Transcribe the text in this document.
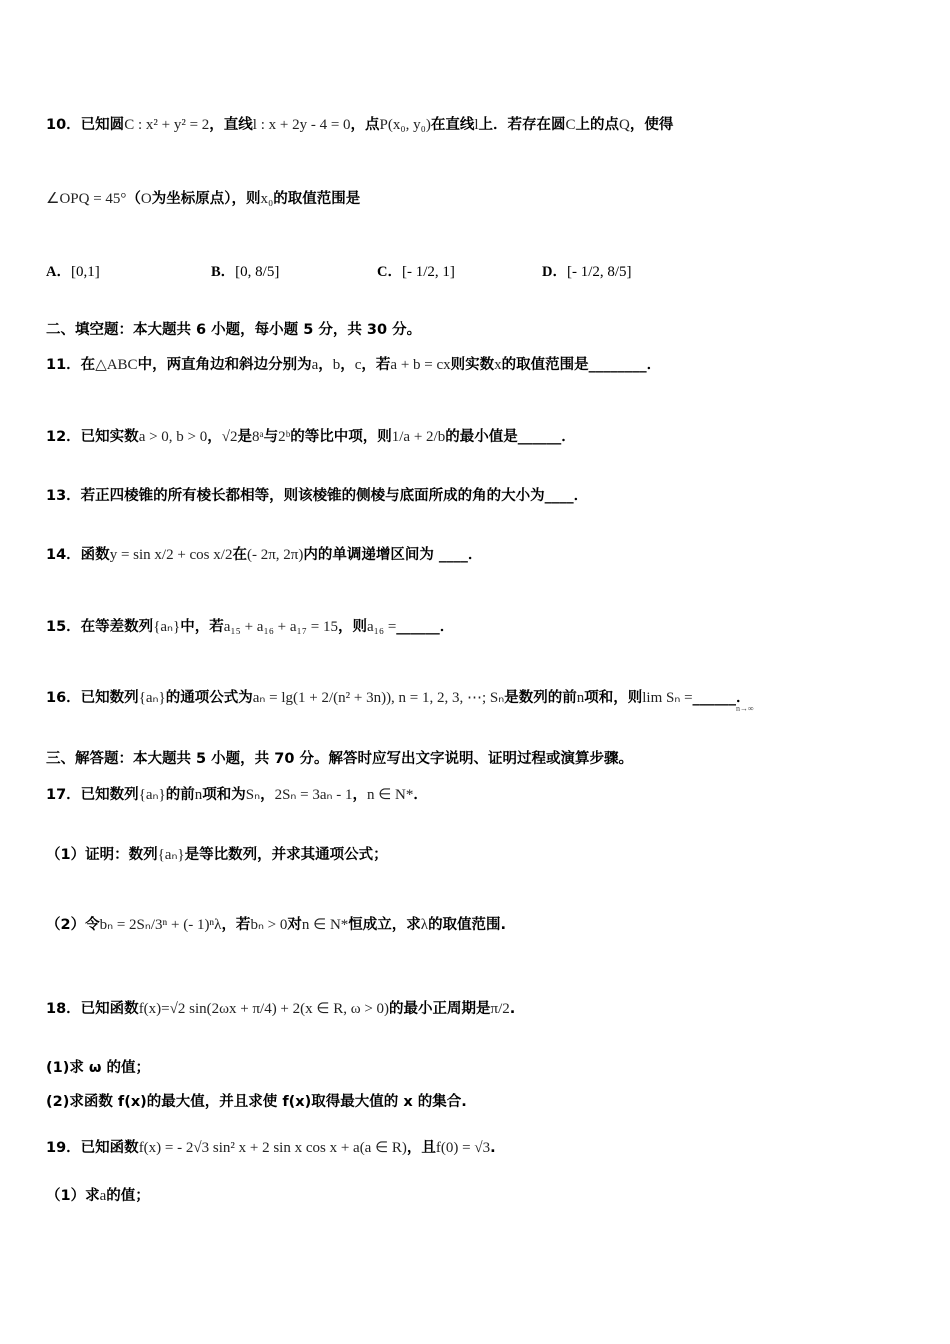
10．已知圆C : x² + y² = 2，直线l : x + 2y - 4 = 0，点P(x₀, y₀)在直线l上．若存在圆C上的点Q，使得
∠OPQ = 45°（O为坐标原点），则x₀的取值范围是
A．[0,1]	B．[0, 8/5]	C．[- 1/2, 1]	D．[- 1/2, 8/5]
二、填空题：本大题共 6 小题，每小题 5 分，共 30 分。
11．在△ABC中，两直角边和斜边分别为a，b，c，若a + b = cx则实数x的取值范围是________．
12．已知实数a > 0, b > 0，√2是8ᵃ与2ᵇ的等比中项，则1/a + 2/b的最小值是______．
13．若正四棱锥的所有棱长都相等，则该棱锥的侧棱与底面所成的角的大小为____．
14．函数y = sin x/2 + cos x/2在(- 2π, 2π)内的单调递增区间为 ____．
15．在等差数列{aₙ}中，若a₁₅ + a₁₆ + a₁₇ = 15，则a₁₆ =______．
16．已知数列{aₙ}的通项公式为aₙ = lg(1 + 2/(n² + 3n)), n = 1, 2, 3, ⋯; Sₙ是数列的前n项和，则lim Sₙ =______．
n→∞
三、解答题：本大题共 5 小题，共 70 分。解答时应写出文字说明、证明过程或演算步骤。
17．已知数列{aₙ}的前n项和为Sₙ，2Sₙ = 3aₙ - 1，n ∈ N*．
（1）证明：数列{aₙ}是等比数列，并求其通项公式；
（2）令bₙ = 2Sₙ/3ⁿ + (- 1)ⁿλ，若bₙ > 0对n ∈ N*恒成立，求λ的取值范围.
18．已知函数f(x)=√2 sin(2ωx + π/4) + 2(x ∈ R, ω > 0)的最小正周期是π/2.
(1)求 ω 的值；
(2)求函数 f(x)的最大值，并且求使 f(x)取得最大值的 x 的集合.
19．已知函数f(x) = - 2√3 sin² x + 2 sin x cos x + a(a ∈ R)，且f(0) = √3.
（1）求a的值；
